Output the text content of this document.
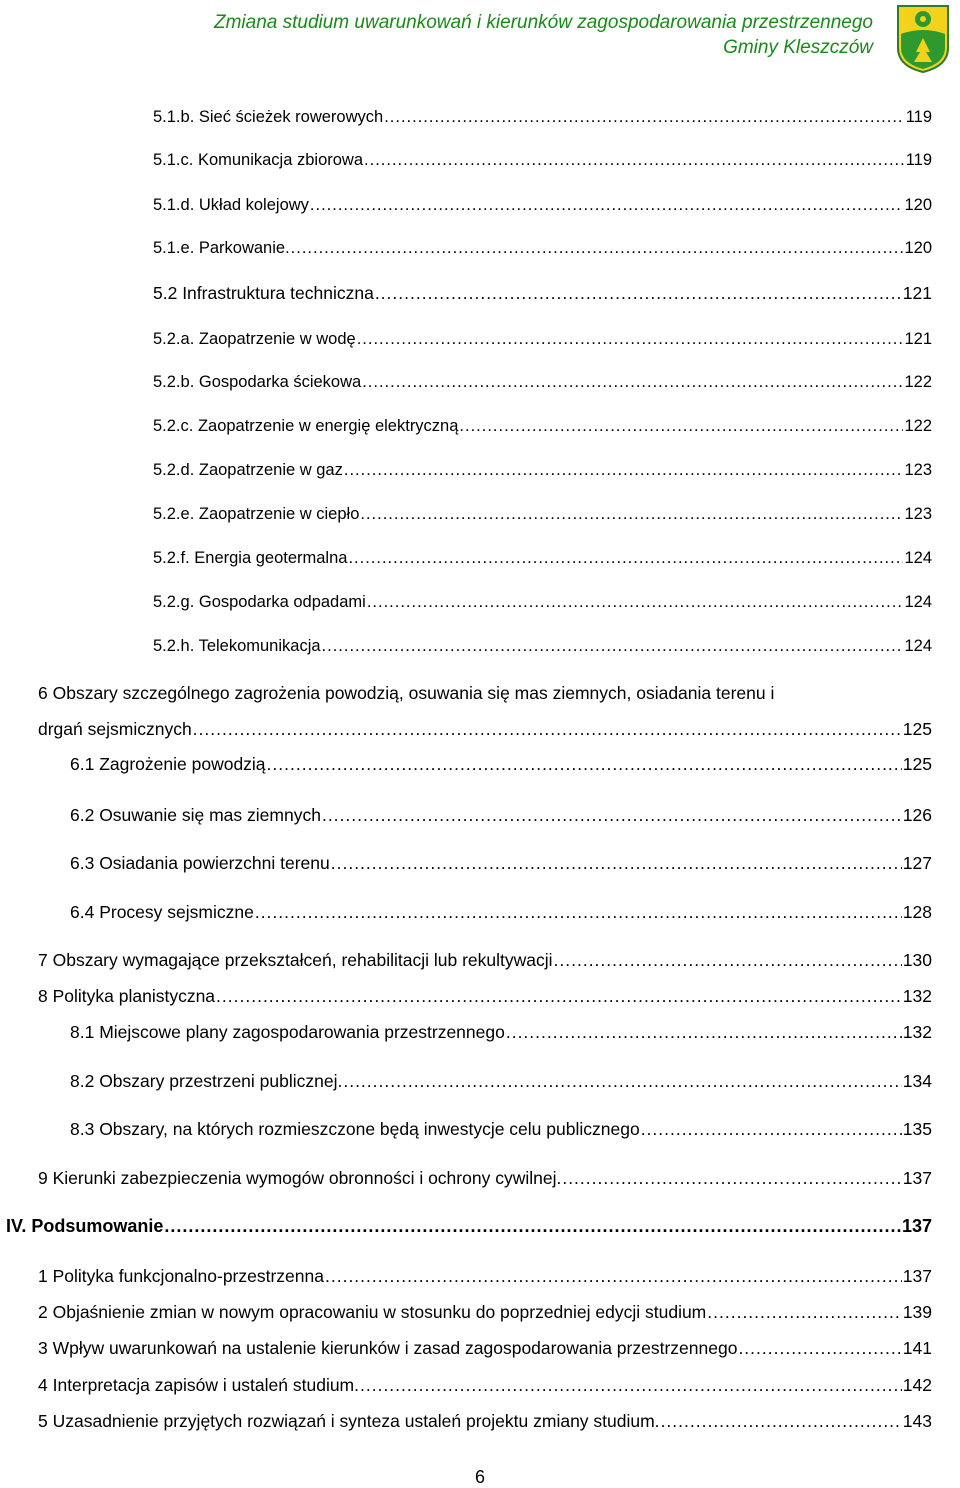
Zmiana studium uwarunkowań i kierunków zagospodarowania przestrzennego
Gminy Kleszczów
5.1.b. Sieć ścieżek rowerowych .....	119
5.1.c. Komunikacja zbiorowa .....	119
5.1.d. Układ kolejowy .....	120
5.1.e. Parkowanie. .....	120
5.2 Infrastruktura techniczna .....	121
5.2.a. Zaopatrzenie w wodę .....	121
5.2.b. Gospodarka ściekowa .....	122
5.2.c. Zaopatrzenie w energię elektryczną .....	122
5.2.d. Zaopatrzenie w gaz .....	123
5.2.e. Zaopatrzenie w ciepło .....	123
5.2.f. Energia geotermalna .....	124
5.2.g. Gospodarka odpadami .....	124
5.2.h. Telekomunikacja .....	124
6 Obszary szczególnego zagrożenia powodzią, osuwania się mas ziemnych, osiadania terenu i
drgań sejsmicznych .....	125
6.1 Zagrożenie powodzią .....	125
6.2 Osuwanie się mas ziemnych .....	126
6.3 Osiadania powierzchni terenu .....	127
6.4 Procesy sejsmiczne .....	128
7 Obszary wymagające przekształceń, rehabilitacji lub rekultywacji .....	130
8 Polityka planistyczna .....	132
8.1 Miejscowe plany zagospodarowania przestrzennego .....	132
8.2 Obszary przestrzeni publicznej. .....	134
8.3 Obszary, na których rozmieszczone będą inwestycje celu publicznego .....	135
9 Kierunki zabezpieczenia wymogów obronności i ochrony cywilnej. .....	137
IV. Podsumowanie .....	137
1 Polityka funkcjonalno-przestrzenna .....	137
2 Objaśnienie zmian w nowym opracowaniu w stosunku do poprzedniej edycji studium .....	139
3 Wpływ uwarunkowań na ustalenie kierunków i zasad zagospodarowania przestrzennego .....	141
4 Interpretacja zapisów i ustaleń studium. .....	142
5 Uzasadnienie przyjętych rozwiązań i synteza ustaleń projektu zmiany studium. .....	143
6
